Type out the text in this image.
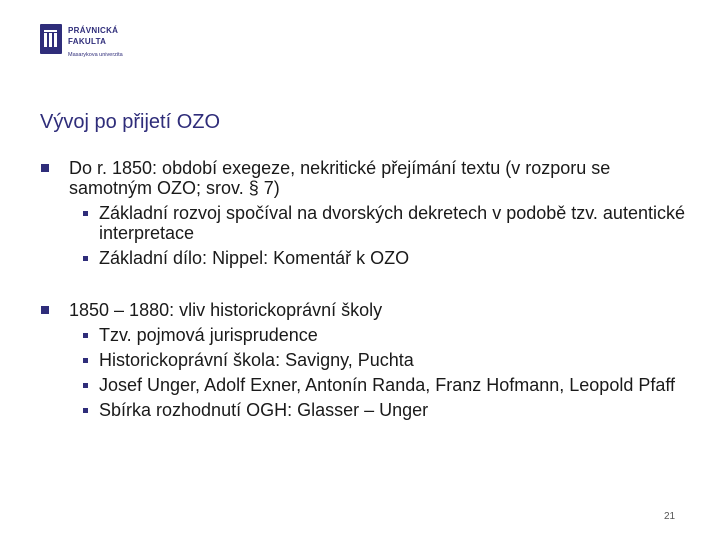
PRÁVNICKÁ
FAKULTA
Masarykova univerzita
Vývoj po přijetí OZO
Do r. 1850: období exegeze, nekritické přejímání textu (v rozporu se samotným OZO; srov. § 7)
Základní rozvoj spočíval na dvorských dekretech v podobě tzv. autentické interpretace
Základní dílo: Nippel: Komentář k OZO
1850 – 1880: vliv historickoprávní školy
Tzv. pojmová jurisprudence
Historickoprávní škola: Savigny, Puchta
Josef Unger, Adolf Exner, Antonín Randa, Franz Hofmann, Leopold Pfaff
Sbírka rozhodnutí OGH: Glasser – Unger
21
